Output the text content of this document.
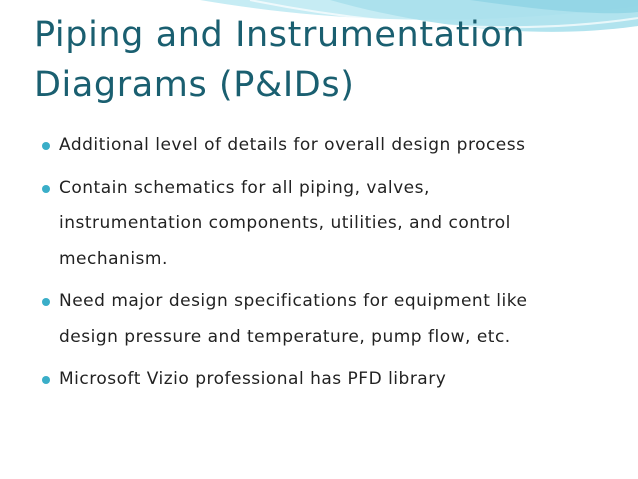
Piping and Instrumentation
Diagrams (P&IDs)
Additional level of details for overall design process
Contain schematics for all piping, valves,
instrumentation components, utilities, and control
mechanism.
Need major design specifications for equipment like
design pressure and temperature, pump flow, etc.
Microsoft Vizio professional has PFD library
